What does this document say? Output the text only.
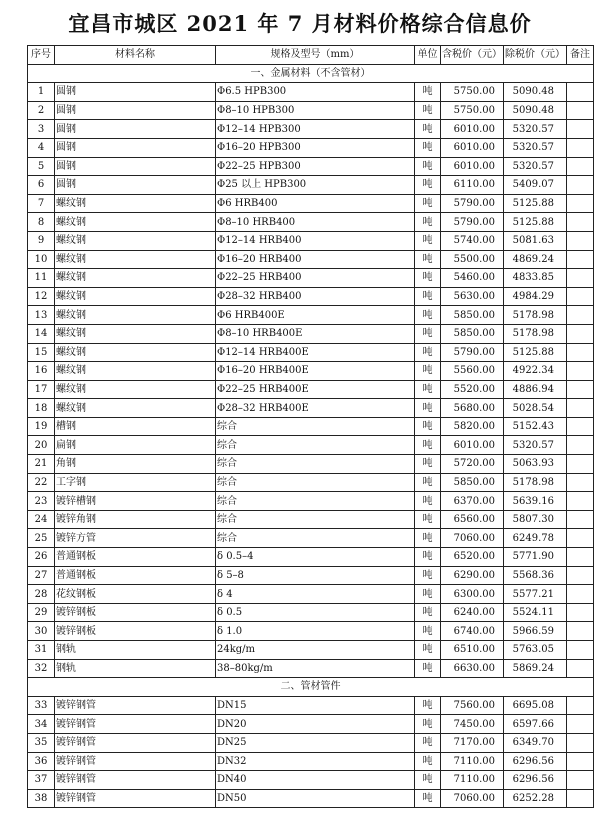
宜昌市城区 2021 年 7 月材料价格综合信息价
序号	材料名称	规格及型号（mm）	单位	含税价（元）	除税价（元）	备注
一、金属材料（不含管材）						
1	圆钢	Φ6.5 HPB300	吨	5750.00	5090.48	
2	圆钢	Φ8–10 HPB300	吨	5750.00	5090.48	
3	圆钢	Φ12–14 HPB300	吨	6010.00	5320.57	
4	圆钢	Φ16–20 HPB300	吨	6010.00	5320.57	
5	圆钢	Φ22–25 HPB300	吨	6010.00	5320.57	
6	圆钢	Φ25 以上 HPB300	吨	6110.00	5409.07	
7	螺纹钢	Φ6 HRB400	吨	5790.00	5125.88	
8	螺纹钢	Φ8–10 HRB400	吨	5790.00	5125.88	
9	螺纹钢	Φ12–14 HRB400	吨	5740.00	5081.63	
10	螺纹钢	Φ16–20 HRB400	吨	5500.00	4869.24	
11	螺纹钢	Φ22–25 HRB400	吨	5460.00	4833.85	
12	螺纹钢	Φ28–32 HRB400	吨	5630.00	4984.29	
13	螺纹钢	Φ6 HRB400E	吨	5850.00	5178.98	
14	螺纹钢	Φ8–10 HRB400E	吨	5850.00	5178.98	
15	螺纹钢	Φ12–14 HRB400E	吨	5790.00	5125.88	
16	螺纹钢	Φ16–20 HRB400E	吨	5560.00	4922.34	
17	螺纹钢	Φ22–25 HRB400E	吨	5520.00	4886.94	
18	螺纹钢	Φ28–32 HRB400E	吨	5680.00	5028.54	
19	槽钢	综合	吨	5820.00	5152.43	
20	扁钢	综合	吨	6010.00	5320.57	
21	角钢	综合	吨	5720.00	5063.93	
22	工字钢	综合	吨	5850.00	5178.98	
23	镀锌槽钢	综合	吨	6370.00	5639.16	
24	镀锌角钢	综合	吨	6560.00	5807.30	
25	镀锌方管	综合	吨	7060.00	6249.78	
26	普通钢板	δ 0.5–4	吨	6520.00	5771.90	
27	普通钢板	δ 5–8	吨	6290.00	5568.36	
28	花纹钢板	δ 4	吨	6300.00	5577.21	
29	镀锌钢板	δ 0.5	吨	6240.00	5524.11	
30	镀锌钢板	δ 1.0	吨	6740.00	5966.59	
31	钢轨	24kg/m	吨	6510.00	5763.05	
32	钢轨	38–80kg/m	吨	6630.00	5869.24	
二、管材管件						
33	镀锌钢管	DN15	吨	7560.00	6695.08	
34	镀锌钢管	DN20	吨	7450.00	6597.66	
35	镀锌钢管	DN25	吨	7170.00	6349.70	
36	镀锌钢管	DN32	吨	7110.00	6296.56	
37	镀锌钢管	DN40	吨	7110.00	6296.56	
38	镀锌钢管	DN50	吨	7060.00	6252.28	
